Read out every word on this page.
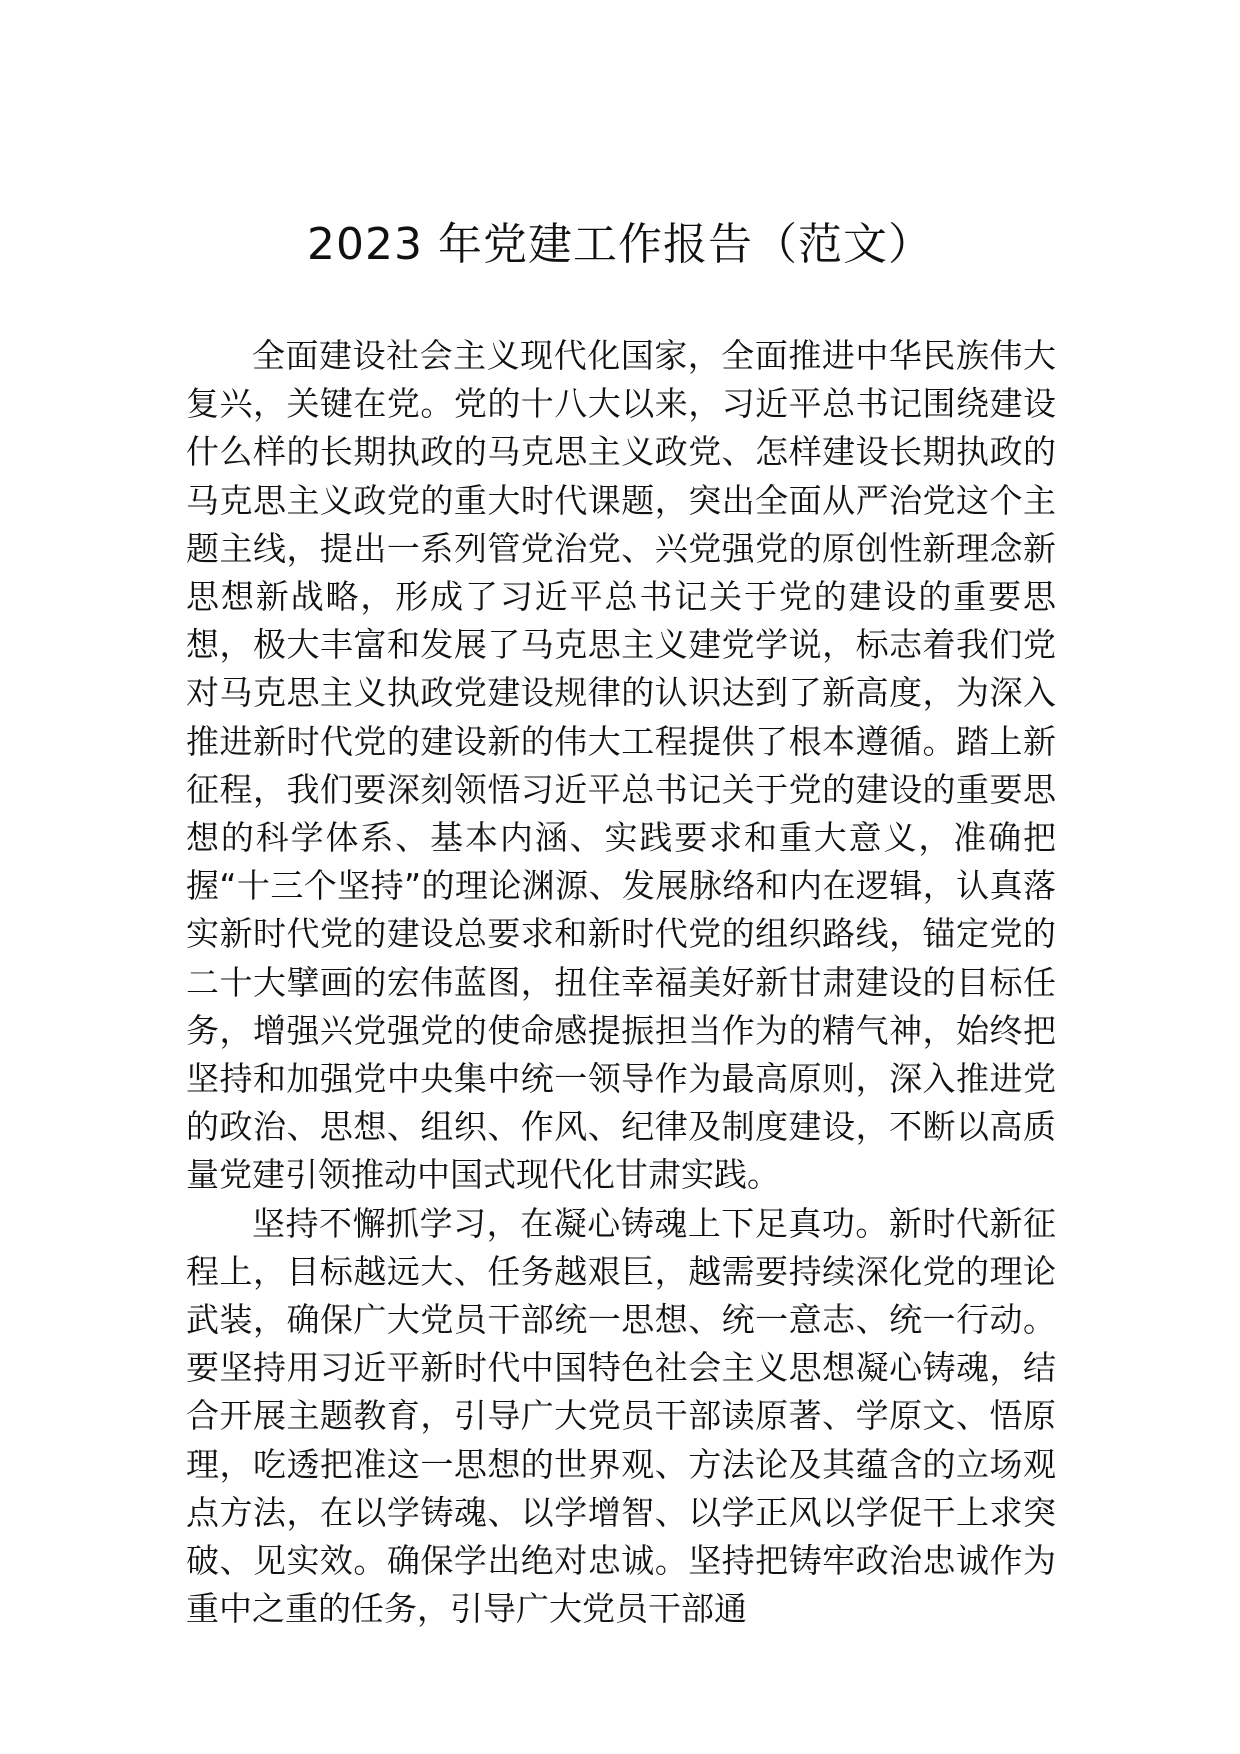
2023 年党建工作报告（范文）

全面建设社会主义现代化国家，全面推进中华民族伟大复兴，关键在党。党的十八大以来，习近平总书记围绕建设什么样的长期执政的马克思主义政党、怎样建设长期执政的马克思主义政党的重大时代课题，突出全面从严治党这个主题主线，提出一系列管党治党、兴党强党的原创性新理念新思想新战略，形成了习近平总书记关于党的建设的重要思想，极大丰富和发展了马克思主义建党学说，标志着我们党对马克思主义执政党建设规律的认识达到了新高度，为深入推进新时代党的建设新的伟大工程提供了根本遵循。踏上新征程，我们要深刻领悟习近平总书记关于党的建设的重要思想的科学体系、基本内涵、实践要求和重大意义，准确把握“十三个坚持”的理论渊源、发展脉络和内在逻辑，认真落实新时代党的建设总要求和新时代党的组织路线，锚定党的二十大擘画的宏伟蓝图，扭住幸福美好新甘肃建设的目标任务，增强兴党强党的使命感提振担当作为的精气神，始终把坚持和加强党中央集中统一领导作为最高原则，深入推进党的政治、思想、组织、作风、纪律及制度建设，不断以高质量党建引领推动中国式现代化甘肃实践。

坚持不懈抓学习，在凝心铸魂上下足真功。新时代新征程上，目标越远大、任务越艰巨，越需要持续深化党的理论武装，确保广大党员干部统一思想、统一意志、统一行动。要坚持用习近平新时代中国特色社会主义思想凝心铸魂，结合开展主题教育，引导广大党员干部读原著、学原文、悟原理，吃透把准这一思想的世界观、方法论及其蕴含的立场观点方法，在以学铸魂、以学增智、以学正风以学促干上求突破、见实效。确保学出绝对忠诚。坚持把铸牢政治忠诚作为重中之重的任务，引导广大党员干部通
